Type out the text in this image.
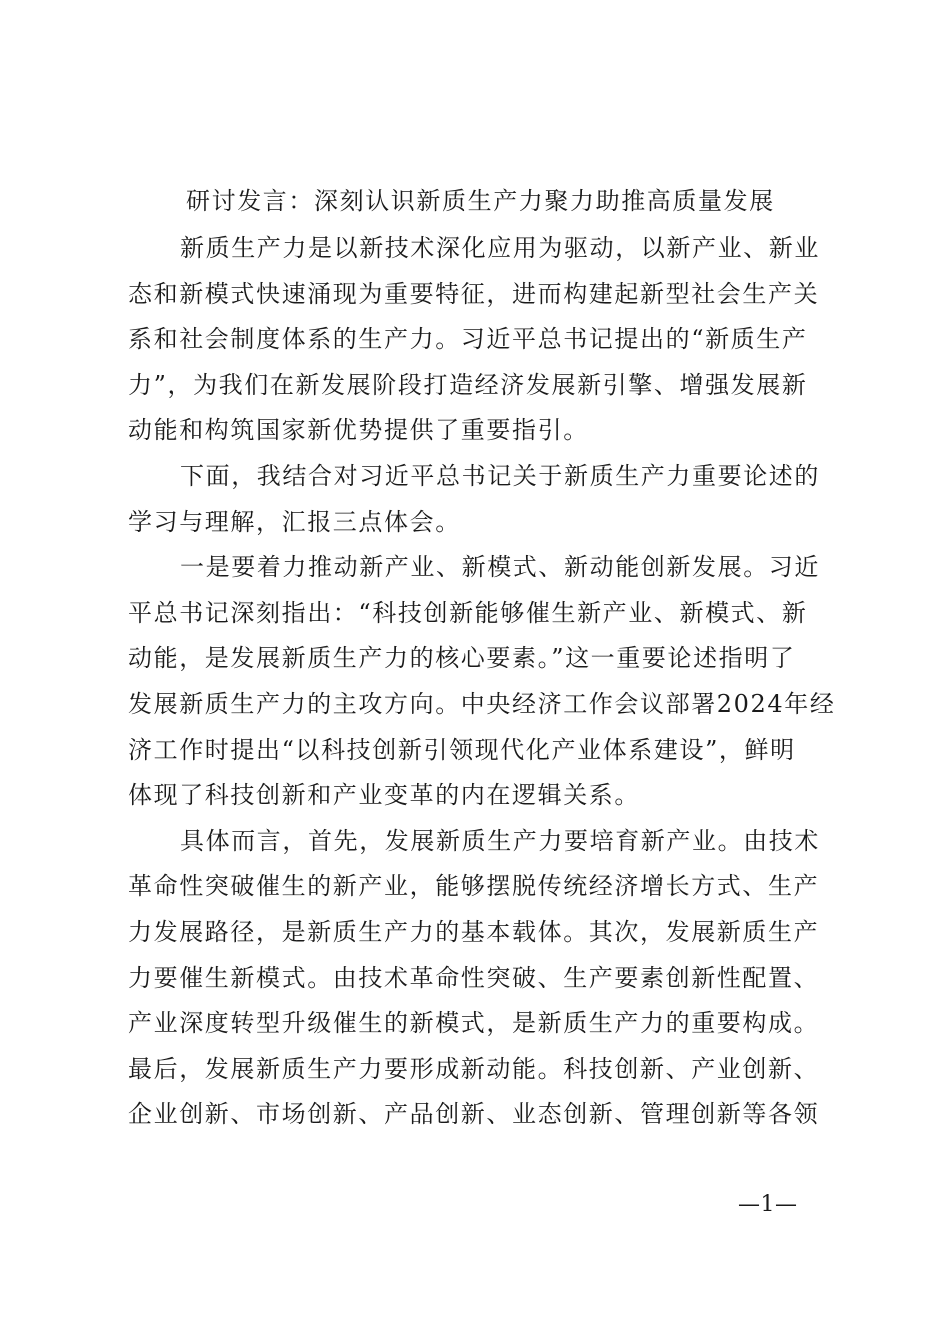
研讨发言：深刻认识新质生产力聚力助推高质量发展

新质生产力是以新技术深化应用为驱动，以新产业、新业
态和新模式快速涌现为重要特征，进而构建起新型社会生产关
系和社会制度体系的生产力。习近平总书记提出的“新质生产
力”，为我们在新发展阶段打造经济发展新引擎、增强发展新
动能和构筑国家新优势提供了重要指引。

下面，我结合对习近平总书记关于新质生产力重要论述的
学习与理解，汇报三点体会。

一是要着力推动新产业、新模式、新动能创新发展。习近
平总书记深刻指出：“科技创新能够催生新产业、新模式、新
动能，是发展新质生产力的核心要素。”这一重要论述指明了
发展新质生产力的主攻方向。中央经济工作会议部署2024年经
济工作时提出“以科技创新引领现代化产业体系建设”，鲜明
体现了科技创新和产业变革的内在逻辑关系。

具体而言，首先，发展新质生产力要培育新产业。由技术
革命性突破催生的新产业，能够摆脱传统经济增长方式、生产
力发展路径，是新质生产力的基本载体。其次，发展新质生产
力要催生新模式。由技术革命性突破、生产要素创新性配置、
产业深度转型升级催生的新模式，是新质生产力的重要构成。
最后，发展新质生产力要形成新动能。科技创新、产业创新、
企业创新、市场创新、产品创新、业态创新、管理创新等各领

—1—
